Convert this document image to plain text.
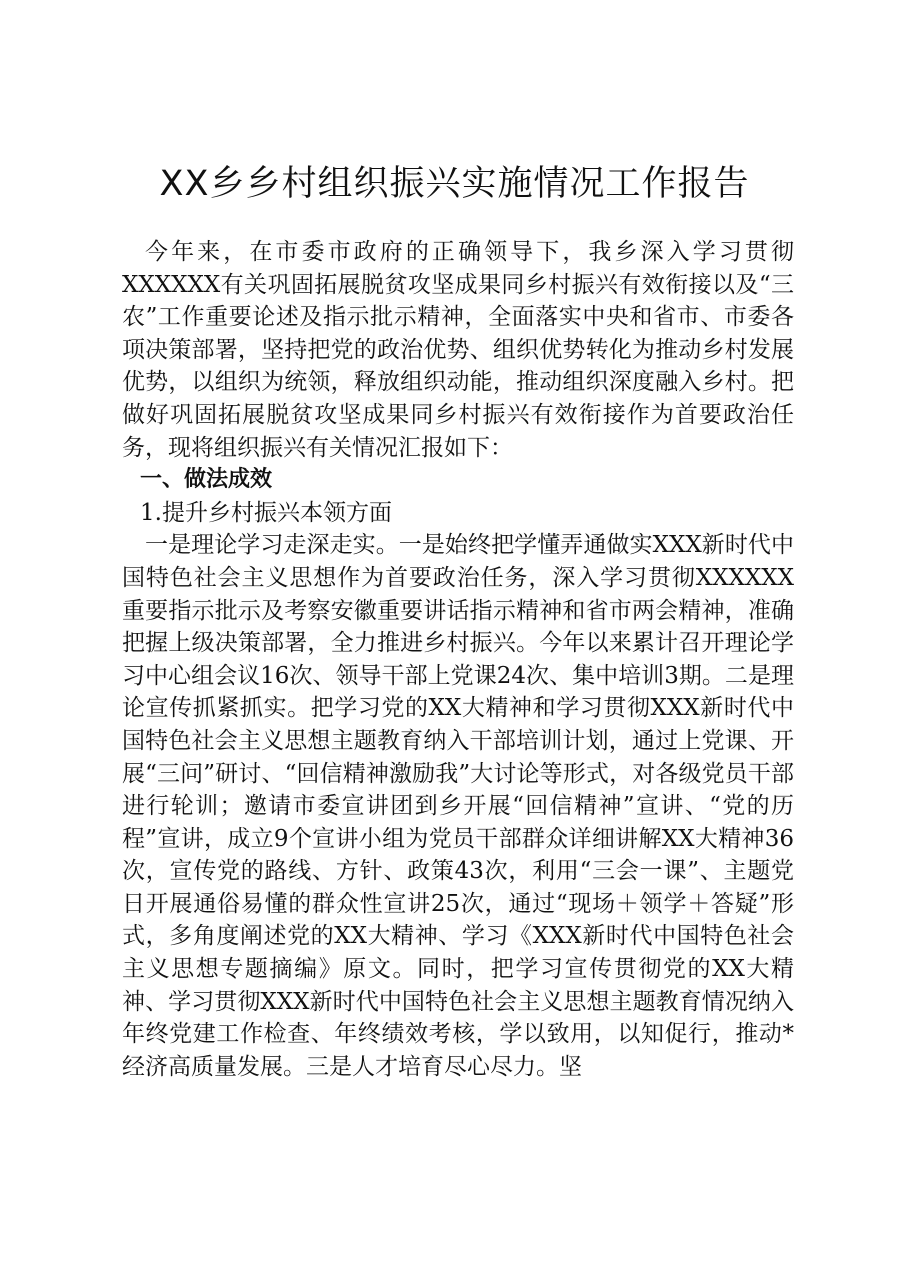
XX乡乡村组织振兴实施情况工作报告

今年来，在市委市政府的正确领导下，我乡深入学习贯彻XXXXXX有关巩固拓展脱贫攻坚成果同乡村振兴有效衔接以及“三农”工作重要论述及指示批示精神，全面落实中央和省市、市委各项决策部署，坚持把党的政治优势、组织优势转化为推动乡村发展优势，以组织为统领，释放组织动能，推动组织深度融入乡村。把做好巩固拓展脱贫攻坚成果同乡村振兴有效衔接作为首要政治任务，现将组织振兴有关情况汇报如下：

一、做法成效
1.提升乡村振兴本领方面

一是理论学习走深走实。一是始终把学懂弄通做实XXX新时代中国特色社会主义思想作为首要政治任务，深入学习贯彻XXXXXX重要指示批示及考察安徽重要讲话指示精神和省市两会精神，准确把握上级决策部署，全力推进乡村振兴。今年以来累计召开理论学习中心组会议16次、领导干部上党课24次、集中培训3期。二是理论宣传抓紧抓实。把学习党的XX大精神和学习贯彻XXX新时代中国特色社会主义思想主题教育纳入干部培训计划，通过上党课、开展“三问”研讨、“回信精神激励我”大讨论等形式，对各级党员干部进行轮训；邀请市委宣讲团到乡开展“回信精神”宣讲、“党的历程”宣讲，成立9个宣讲小组为党员干部群众详细讲解XX大精神36次，宣传党的路线、方针、政策43次，利用“三会一课”、主题党日开展通俗易懂的群众性宣讲25次，通过“现场＋领学＋答疑”形式，多角度阐述党的XX大精神、学习《XXX新时代中国特色社会主义思想专题摘编》原文。同时，把学习宣传贯彻党的XX大精神、学习贯彻XXX新时代中国特色社会主义思想主题教育情况纳入年终党建工作检查、年终绩效考核，学以致用，以知促行，推动*经济高质量发展。三是人才培育尽心尽力。坚
